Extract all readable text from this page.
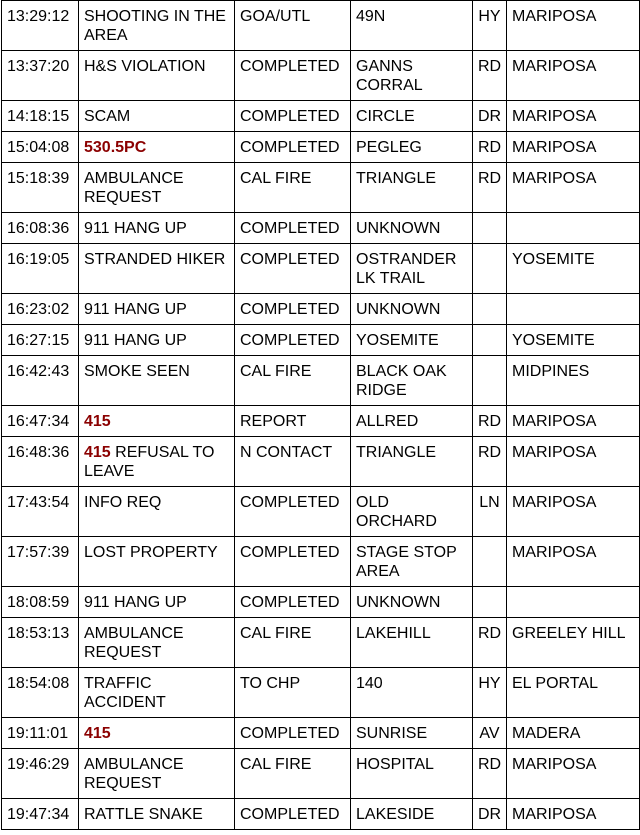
13:29:12	SHOOTING IN THE AREA	GOA/UTL	49N	HY	MARIPOSA
13:37:20	H&S VIOLATION	COMPLETED	GANNS CORRAL	RD	MARIPOSA
14:18:15	SCAM	COMPLETED	CIRCLE	DR	MARIPOSA
15:04:08	530.5PC	COMPLETED	PEGLEG	RD	MARIPOSA
15:18:39	AMBULANCE REQUEST	CAL FIRE	TRIANGLE	RD	MARIPOSA
16:08:36	911 HANG UP	COMPLETED	UNKNOWN		
16:19:05	STRANDED HIKER	COMPLETED	OSTRANDER LK TRAIL		YOSEMITE
16:23:02	911 HANG UP	COMPLETED	UNKNOWN		
16:27:15	911 HANG UP	COMPLETED	YOSEMITE		YOSEMITE
16:42:43	SMOKE SEEN	CAL FIRE	BLACK OAK RIDGE		MIDPINES
16:47:34	415	REPORT	ALLRED	RD	MARIPOSA
16:48:36	415 REFUSAL TO LEAVE	N CONTACT	TRIANGLE	RD	MARIPOSA
17:43:54	INFO REQ	COMPLETED	OLD ORCHARD	LN	MARIPOSA
17:57:39	LOST PROPERTY	COMPLETED	STAGE STOP AREA		MARIPOSA
18:08:59	911 HANG UP	COMPLETED	UNKNOWN		
18:53:13	AMBULANCE REQUEST	CAL FIRE	LAKEHILL	RD	GREELEY HILL
18:54:08	TRAFFIC ACCIDENT	TO CHP	140	HY	EL PORTAL
19:11:01	415	COMPLETED	SUNRISE	AV	MADERA
19:46:29	AMBULANCE REQUEST	CAL FIRE	HOSPITAL	RD	MARIPOSA
19:47:34	RATTLE SNAKE	COMPLETED	LAKESIDE	DR	MARIPOSA
